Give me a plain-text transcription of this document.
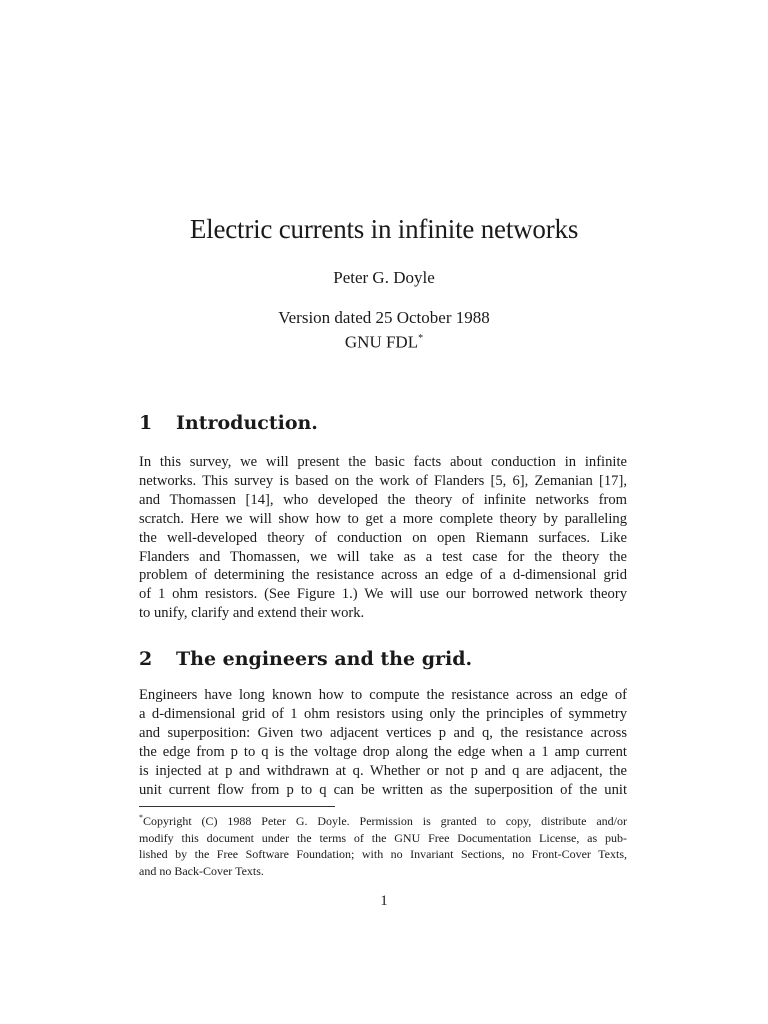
Electric currents in infinite networks
Peter G. Doyle
Version dated 25 October 1988
GNU FDL*
1 Introduction.
In this survey, we will present the basic facts about conduction in infinite
networks. This survey is based on the work of Flanders [5, 6], Zemanian [17],
and Thomassen [14], who developed the theory of infinite networks from
scratch. Here we will show how to get a more complete theory by paralleling
the well-developed theory of conduction on open Riemann surfaces. Like
Flanders and Thomassen, we will take as a test case for the theory the
problem of determining the resistance across an edge of a d-dimensional grid
of 1 ohm resistors. (See Figure 1.) We will use our borrowed network theory
to unify, clarify and extend their work.
2 The engineers and the grid.
Engineers have long known how to compute the resistance across an edge of
a d-dimensional grid of 1 ohm resistors using only the principles of symmetry
and superposition: Given two adjacent vertices p and q, the resistance across
the edge from p to q is the voltage drop along the edge when a 1 amp current
is injected at p and withdrawn at q. Whether or not p and q are adjacent, the
unit current flow from p to q can be written as the superposition of the unit
*Copyright (C) 1988 Peter G. Doyle. Permission is granted to copy, distribute and/or
modify this document under the terms of the GNU Free Documentation License, as pub-
lished by the Free Software Foundation; with no Invariant Sections, no Front-Cover Texts,
and no Back-Cover Texts.
1
